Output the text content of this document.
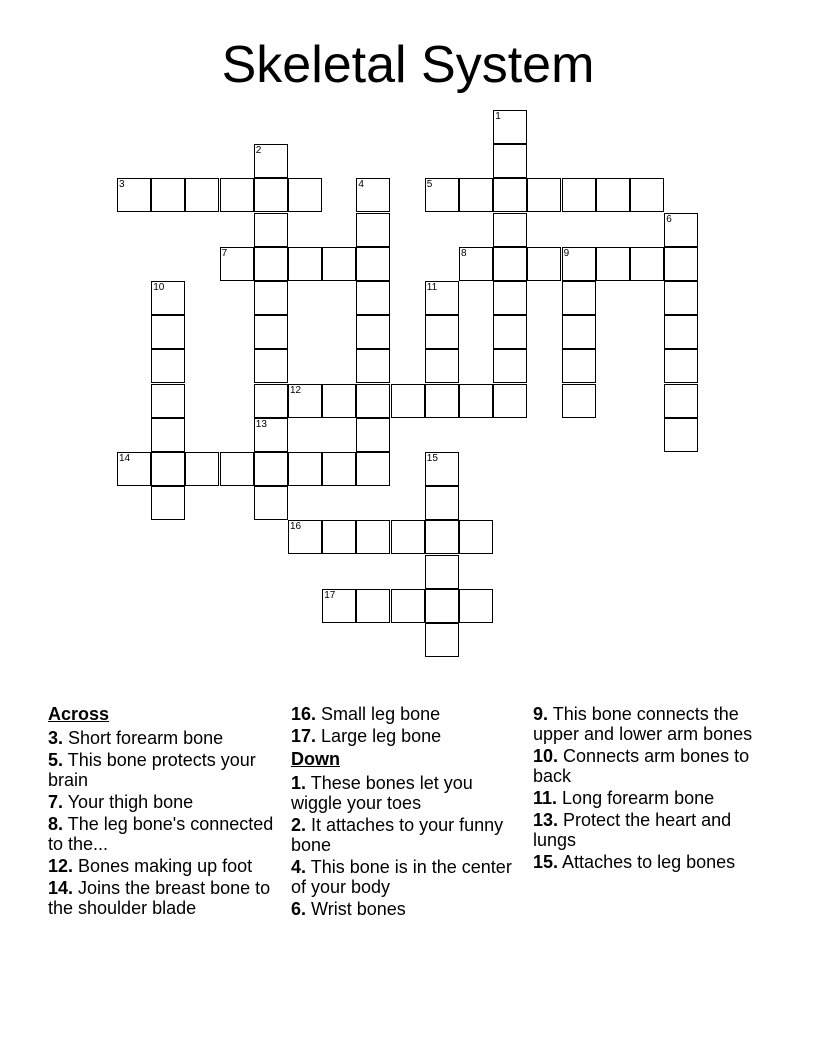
Skeletal System
1
2
13
3	4	5
6
7	8	9
10	11
12
14	15
16
17
Across
3. Short forearm bone
5. This bone protects your brain
7. Your thigh bone
8. The leg bone's connected to the...
12. Bones making up foot
14. Joins the breast bone to the shoulder blade
16. Small leg bone
17. Large leg bone
Down
1. These bones let you wiggle your toes
2. It attaches to your funny bone
4. This bone is in the center of your body
6. Wrist bones
9. This bone connects the upper and lower arm bones
10. Connects arm bones to back
11. Long forearm bone
13. Protect the heart and lungs
15. Attaches to leg bones
